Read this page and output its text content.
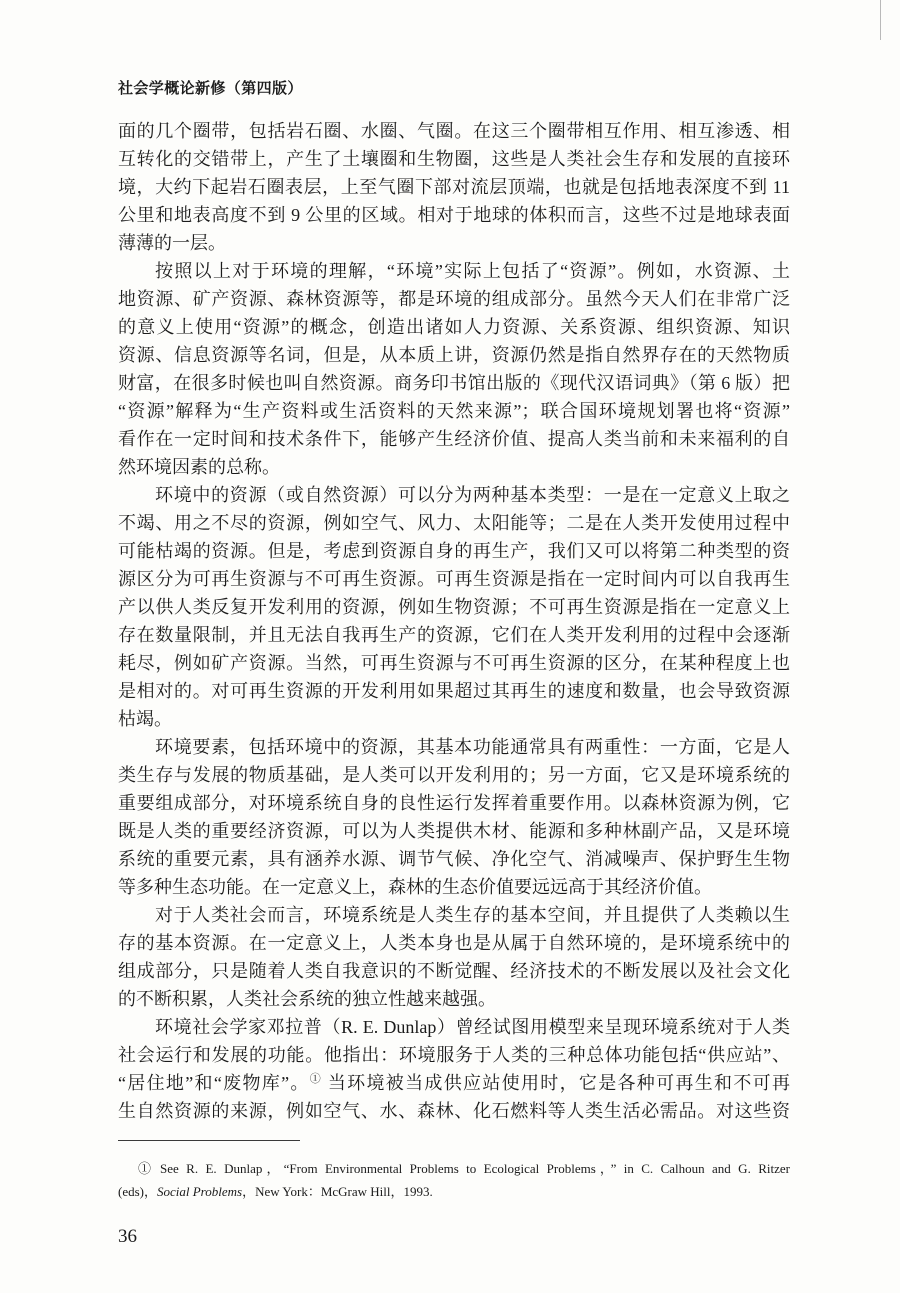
社会学概论新修（第四版）
面的几个圈带，包括岩石圈、水圈、气圈。在这三个圈带相互作用、相互渗透、相
互转化的交错带上，产生了土壤圈和生物圈，这些是人类社会生存和发展的直接环
境，大约下起岩石圈表层，上至气圈下部对流层顶端，也就是包括地表深度不到 11
公里和地表高度不到 9 公里的区域。相对于地球的体积而言，这些不过是地球表面
薄薄的一层。
按照以上对于环境的理解，“环境”实际上包括了“资源”。例如，水资源、土
地资源、矿产资源、森林资源等，都是环境的组成部分。虽然今天人们在非常广泛
的意义上使用“资源”的概念，创造出诸如人力资源、关系资源、组织资源、知识
资源、信息资源等名词，但是，从本质上讲，资源仍然是指自然界存在的天然物质
财富，在很多时候也叫自然资源。商务印书馆出版的《现代汉语词典》（第 6 版）把
“资源”解释为“生产资料或生活资料的天然来源”；联合国环境规划署也将“资源”
看作在一定时间和技术条件下，能够产生经济价值、提高人类当前和未来福利的自
然环境因素的总称。
环境中的资源（或自然资源）可以分为两种基本类型：一是在一定意义上取之
不竭、用之不尽的资源，例如空气、风力、太阳能等；二是在人类开发使用过程中
可能枯竭的资源。但是，考虑到资源自身的再生产，我们又可以将第二种类型的资
源区分为可再生资源与不可再生资源。可再生资源是指在一定时间内可以自我再生
产以供人类反复开发利用的资源，例如生物资源；不可再生资源是指在一定意义上
存在数量限制，并且无法自我再生产的资源，它们在人类开发利用的过程中会逐渐
耗尽，例如矿产资源。当然，可再生资源与不可再生资源的区分，在某种程度上也
是相对的。对可再生资源的开发利用如果超过其再生的速度和数量，也会导致资源
枯竭。
环境要素，包括环境中的资源，其基本功能通常具有两重性：一方面，它是人
类生存与发展的物质基础，是人类可以开发利用的；另一方面，它又是环境系统的
重要组成部分，对环境系统自身的良性运行发挥着重要作用。以森林资源为例，它
既是人类的重要经济资源，可以为人类提供木材、能源和多种林副产品，又是环境
系统的重要元素，具有涵养水源、调节气候、净化空气、消减噪声、保护野生生物
等多种生态功能。在一定意义上，森林的生态价值要远远高于其经济价值。
对于人类社会而言，环境系统是人类生存的基本空间，并且提供了人类赖以生
存的基本资源。在一定意义上，人类本身也是从属于自然环境的，是环境系统中的
组成部分，只是随着人类自我意识的不断觉醒、经济技术的不断发展以及社会文化
的不断积累，人类社会系统的独立性越来越强。
环境社会学家邓拉普（R. E. Dunlap）曾经试图用模型来呈现环境系统对于人类
社会运行和发展的功能。他指出：环境服务于人类的三种总体功能包括“供应站”、
“居住地”和“废物库”。① 当环境被当成供应站使用时，它是各种可再生和不可再
生自然资源的来源，例如空气、水、森林、化石燃料等人类生活必需品。对这些资
① See R. E. Dunlap，“From Environmental Problems to Ecological Problems，” in C. Calhoun and G. Ritzer
(eds)，Social Problems，New York：McGraw Hill，1993.
36
